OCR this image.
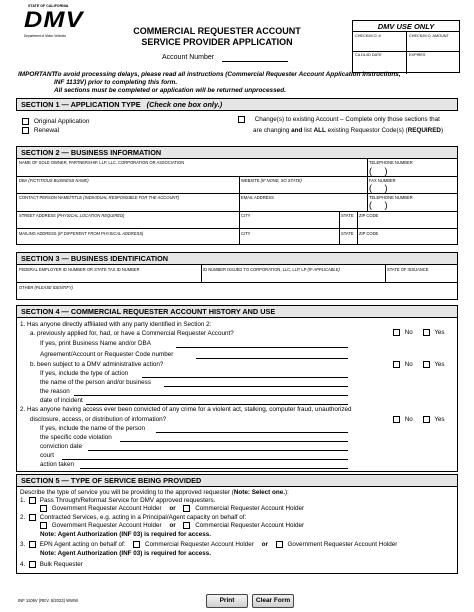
STATE OF CALIFORNIA
DMV
Department of Motor Vehicles	COMMERCIAL REQUESTER ACCOUNT
SERVICE PROVIDER APPLICATION
Account Number
DMV USE ONLY
CHECK/M.O. #	CHECK/M.O. AMOUNT
CA DL/ID DATE	EXPIRES
IMPORTANT:
To avoid processing delays, please read all instructions (Commercial Requester Account Application Instructions,
INF 1133V) prior to completing this form.
All sections must be completed or application will be returned unprocessed.
SECTION 1 — APPLICATION TYPE (Check one box only.)
Original Application
Renewal
Change(s) to existing Account – Complete only those sections that
are changing and list ALL existing Requestor Code(s) (REQUIRED)
SECTION 2 — BUSINESS INFORMATION
NAME OF SOLE OWNER, PARTNERSHIP, LLP, LLC, CORPORATION OR ASSOCIATION	TELEPHONE NUMBER
(     )
DBA (FICTITIOUS BUSINESS NAME)	WEBSITE (IF NONE, SO STATE)	FAX NUMBER
(     )
CONTACT PERSON NAME/TITLE (INDIVIDUAL RESPONSIBLE FOR THE ACCOUNT)	EMAIL ADDRESS	TELEPHONE NUMBER
(     )
STREET ADDRESS (PHYSICAL LOCATION REQUIRED)	CITY	STATE ZIP CODE
MAILING ADDRESS (IF DIFFERENT FROM PHYSICAL ADDRESS)	CITY	STATE ZIP CODE
SECTION 3 — BUSINESS IDENTIFICATION
FEDERAL EMPLOYER ID NUMBER OR STATE TAX ID NUMBER	ID NUMBER ISSUED TO CORPORATION, LLC, LLP, LP (IF APPLICABLE)	STATE OF ISSUANCE
OTHER (PLEASE IDENTIFY)
SECTION 4 — COMMERCIAL REQUESTER ACCOUNT HISTORY AND USE
1. Has anyone directly affiliated with any party identified in Section 2:
a. previously applied for, had, or have a Commercial Requester Account?	No	Yes
If yes, print Business Name and/or DBA
Agreement/Account or Requester Code number
b. been subject to a DMV administrative action?	No	Yes
If yes, include the type of action
the name of the person and/or business
the reason
date of incident
2. Has anyone having access ever been convicted of any crime for a violent act, stalking, computer fraud, unauthorized
disclosure, access, or distribution of information?	No	Yes
If yes, include the name of the person
the specific code violation
conviction date
court
action taken
SECTION 5 — TYPE OF SERVICE BEING PROVIDED
Describe the type of service you will be providing to the approved requester (Note: Select one.):
1. Pass Through/Reformat Service for DMV approved requesters.
Government Requester Account Holder or	Commercial Requester Account Holder
2. Contracted Services, e.g. acting in a Principal/Agent capacity on behalf of:
Government Requester Account Holder or	Commercial Requester Account Holder
Note: Agent Authorization (INF 03) is required for access.
3. EPN Agent acting on behalf of:	Commercial Requester Account Holder or	Government Requester Account Holder
Note: Agent Authorization (INF 03) is required for access.
4. Bulk Requester
INF 1106V (REV. 5/2023) WWW	Print	Clear Form
